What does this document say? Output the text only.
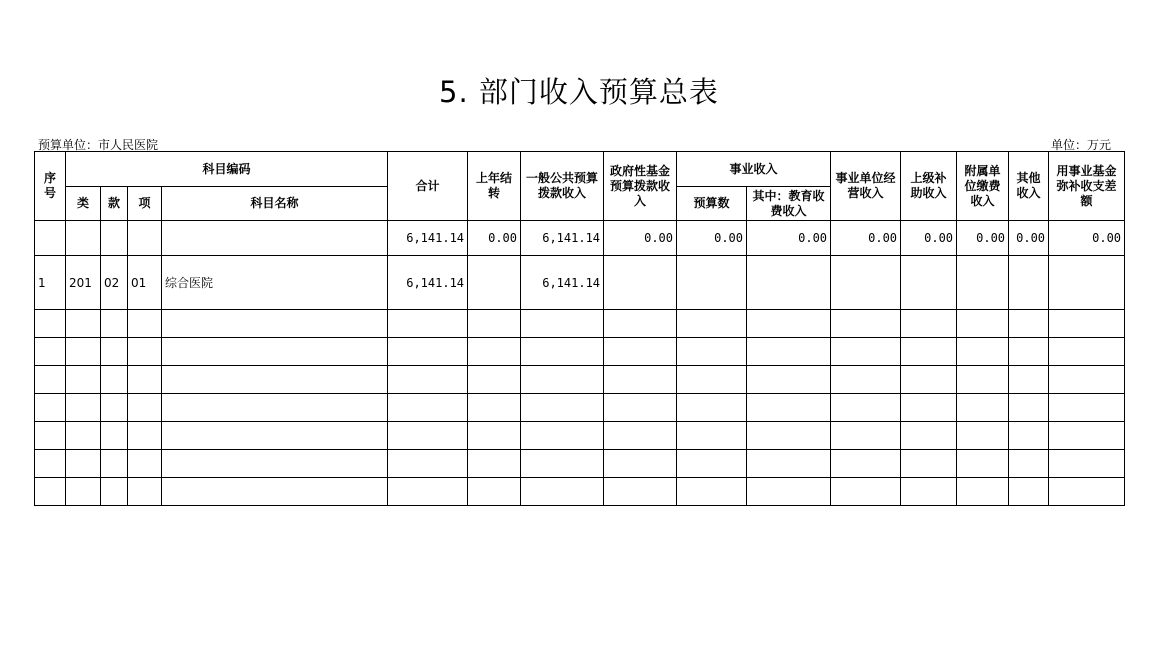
5. 部门收入预算总表
预算单位：市人民医院	单位：万元
序号	科目编码				合计	上年结转	一般公共预算拨款收入	政府性基金预算拨款收入	事业收入		事业单位经营收入	上级补助收入	附属单位缴费收入	其他收入	用事业基金弥补收支差额

	类	款	项	科目名称					预算数	其中：教育收费收入					

					6,141.14	0.00	6,141.14	0.00	0.00	0.00	0.00	0.00	0.00	0.00	0.00
1	201	02	01	综合医院	6,141.14		6,141.14								
